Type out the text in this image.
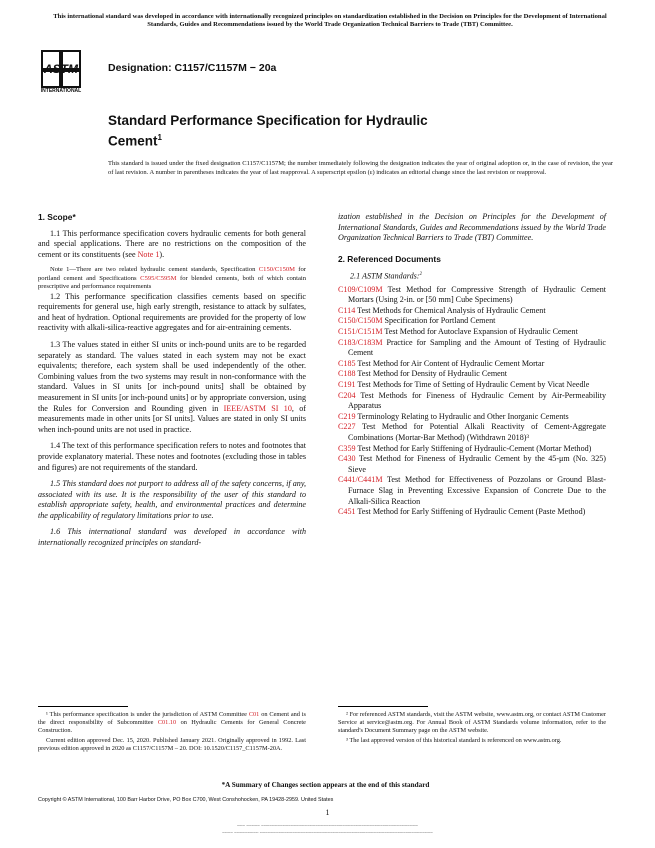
This international standard was developed in accordance with internationally recognized principles on standardization established in the Decision on Principles for the Development of International Standards, Guides and Recommendations issued by the World Trade Organization Technical Barriers to Trade (TBT) Committee.
ASTM
INTERNATIONAL
Designation: C1157/C1157M − 20a
Standard Performance Specification for Hydraulic Cement$^1$
This standard is issued under the fixed designation C1157/C1157M; the number immediately following the designation indicates the year of original adoption or, in the case of revision, the year of last revision. A number in parentheses indicates the year of last reapproval. A superscript epsilon (ε) indicates an editorial change since the last revision or reapproval.
1. Scope*

1.1 This performance specification covers hydraulic cements for both general and special applications. There are no restrictions on the composition of the cement or its constituents (see Note 1).

Note 1—There are two related hydraulic cement standards, Specification C150/C150M for portland cement and Specifications C595/C595M for blended cements, both of which contain prescriptive and performance requirements

1.2 This performance specification classifies cements based on specific requirements for general use, high early strength, resistance to attack by sulfates, and heat of hydration. Optional requirements are provided for the property of low reactivity with alkali-silica-reactive aggregates and for air-entraining cements.

1.3 The values stated in either SI units or inch-pound units are to be regarded separately as standard. The values stated in each system may not be exact equivalents; therefore, each system shall be used independently of the other. Combining values from the two systems may result in non-conformance with the standard. Values in SI units [or inch-pound units] shall be obtained by measurement in SI units [or inch-pound units] or by appropriate conversion, using the Rules for Conversion and Rounding given in IEEE/ASTM SI 10, of measurements made in other units [or SI units]. Values are stated in only SI units when inch-pound units are not used in practice.

1.4 The text of this performance specification refers to notes and footnotes that provide explanatory material. These notes and footnotes (excluding those in tables and figures) are not requirements of the standard.

1.5 This standard does not purport to address all of the safety concerns, if any, associated with its use. It is the responsibility of the user of this standard to establish appropriate safety, health, and environmental practices and determine the applicability of regulatory limitations prior to use.

1.6 This international standard was developed in accordance with internationally recognized principles on standard-

ization established in the Decision on Principles for the Development of International Standards, Guides and Recommendations issued by the World Trade Organization Technical Barriers to Trade (TBT) Committee.

2. Referenced Documents

2.1 ASTM Standards:$^2$

C109/C109M Test Method for Compressive Strength of Hydraulic Cement Mortars (Using 2-in. or [50 mm] Cube Specimens)

C114 Test Methods for Chemical Analysis of Hydraulic Cement

C150/C150M Specification for Portland Cement

C151/C151M Test Method for Autoclave Expansion of Hydraulic Cement

C183/C183M Practice for Sampling and the Amount of Testing of Hydraulic Cement

C185 Test Method for Air Content of Hydraulic Cement Mortar

C188 Test Method for Density of Hydraulic Cement

C191 Test Methods for Time of Setting of Hydraulic Cement by Vicat Needle

C204 Test Methods for Fineness of Hydraulic Cement by Air-Permeability Apparatus

C219 Terminology Relating to Hydraulic and Other Inorganic Cements

C227 Test Method for Potential Alkali Reactivity of Cement-Aggregate Combinations (Mortar-Bar Method) (Withdrawn 2018)³

C359 Test Method for Early Stiffening of Hydraulic-Cement (Mortar Method)

C430 Test Method for Fineness of Hydraulic Cement by the 45-μm (No. 325) Sieve

C441/C441M Test Method for Effectiveness of Pozzolans or Ground Blast-Furnace Slag in Preventing Excessive Expansion of Concrete Due to the Alkali-Silica Reaction

C451 Test Method for Early Stiffening of Hydraulic Cement (Paste Method)

¹ This performance specification is under the jurisdiction of ASTM Committee C01 on Cement and is the direct responsibility of Subcommittee C01.10 on Hydraulic Cements for General Concrete Construction.

Current edition approved Dec. 15, 2020. Published January 2021. Originally approved in 1992. Last previous edition approved in 2020 as C1157/C1157M – 20. DOI: 10.1520/C1157_C1157M-20A.

² For referenced ASTM standards, visit the ASTM website, www.astm.org, or contact ASTM Customer Service at service@astm.org. For Annual Book of ASTM Standards volume information, refer to the standard's Document Summary page on the ASTM website.

³ The last approved version of this historical standard is referenced on www.astm.org.

*A Summary of Changes section appears at the end of this standard
Copyright © ASTM International, 100 Barr Harbor Drive, PO Box C700, West Conshohocken, PA 19428-2959. United States
1
~~~ ~~~~~ ~~~~~~~~~~~~~~~~~~~~~~~~~~~~~~~~~~~~~~~~~~~~~~~~~~~~~~~~~~
~~~~ ~~~~~~~~~ ~~~~~~~~~~~~~~~~~~~~~~~~~~~~~~~~~~~~~~~~~~~~~~~~~~~~~~~~~~~~~~~~
